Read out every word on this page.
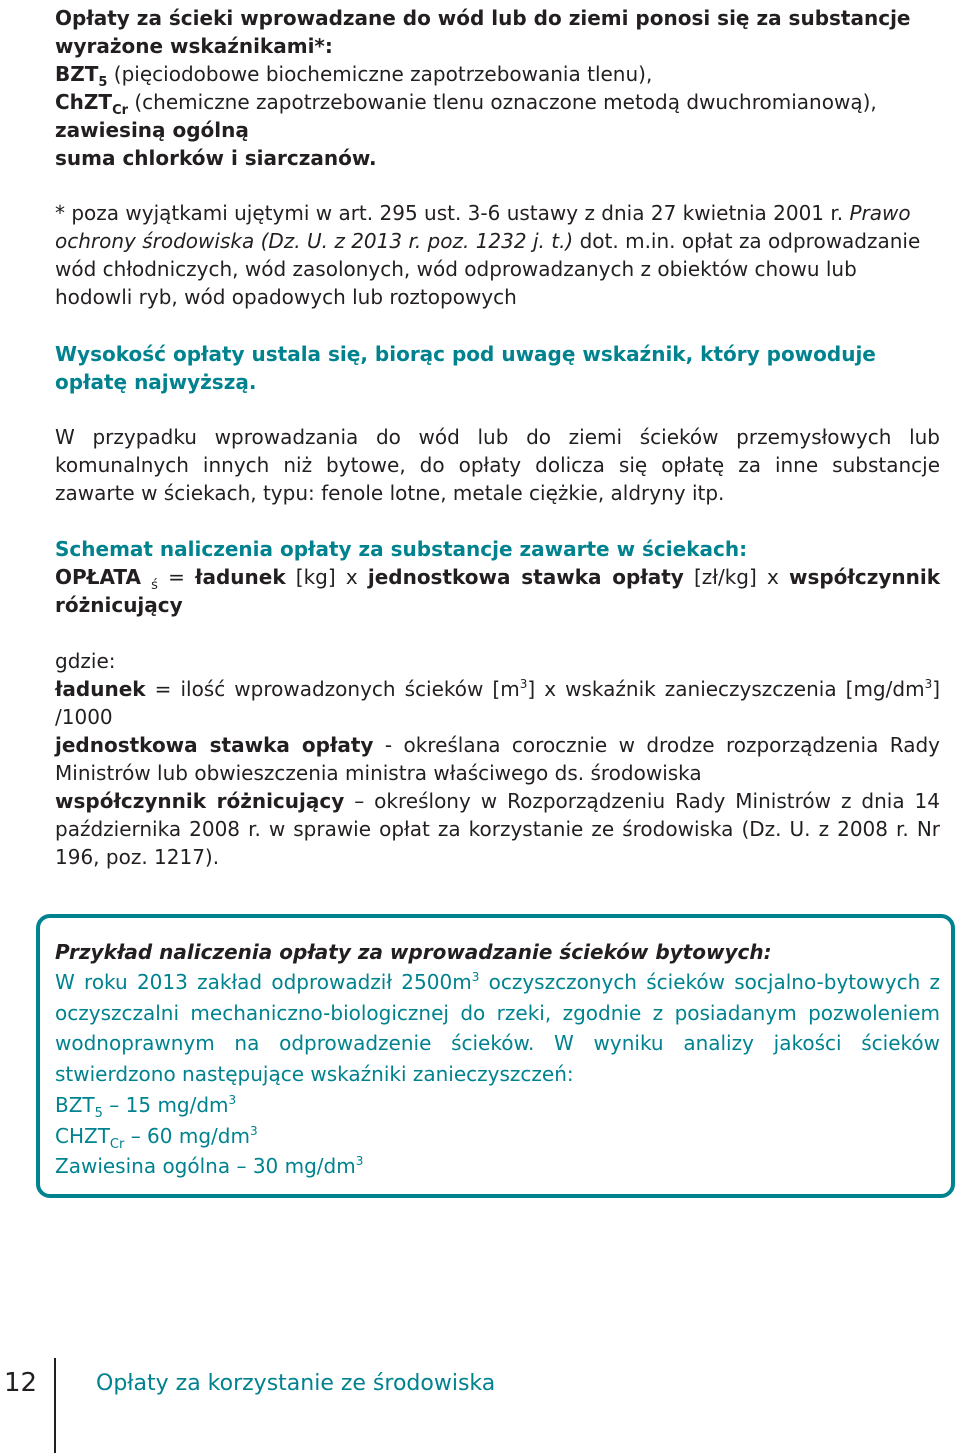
Opłaty za ścieki wprowadzane do wód lub do ziemi ponosi się za substancje wyrażone wskaźnikami*:
$BZT_5$ (pięciodobowe biochemiczne zapotrzebowania tlenu),
ChZT$_{Cr}$ (chemiczne zapotrzebowanie tlenu oznaczone metodą dwuchromianową),
zawiesiną ogólną
suma chlorków i siarczanów.

* poza wyjątkami ujętymi w art. 295 ust. 3-6 ustawy z dnia 27 kwietnia 2001 r. Prawo ochrony środowiska (Dz. U. z 2013 r. poz. 1232 j. t.) dot. m.in. opłat za odprowadzanie wód chłodniczych, wód zasolonych, wód odprowadzanych z obiektów chowu lub hodowli ryb, wód opadowych lub roztopowych

Wysokość opłaty ustala się, biorąc pod uwagę wskaźnik, który powoduje opłatę najwyższą.

W przypadku wprowadzania do wód lub do ziemi ścieków przemysłowych lub komunalnych innych niż bytowe, do opłaty dolicza się opłatę za inne substancje zawarte w ściekach, typu: fenole lotne, metale ciężkie, aldryny itp.

Schemat naliczenia opłaty za substancje zawarte w ściekach:

OPŁATA $_ś$ = ładunek [kg] x jednostkowa stawka opłaty [zł/kg] x współczynnik różnicujący

gdzie:

ładunek = ilość wprowadzonych ścieków $[m^3]$ x wskaźnik zanieczyszczenia $[mg/dm^3]$ /1000

jednostkowa stawka opłaty - określana corocznie w drodze rozporządzenia Rady Ministrów lub obwieszczenia ministra właściwego ds. środowiska

współczynnik różnicujący – określony w Rozporządzeniu Rady Ministrów z dnia 14 października 2008 r. w sprawie opłat za korzystanie ze środowiska (Dz. U. z 2008 r. Nr 196, poz. 1217).

Przykład naliczenia opłaty za wprowadzanie ścieków bytowych:

W roku 2013 zakład odprowadził $2500m^3$ oczyszczonych ścieków socjalno-bytowych z oczyszczalni mechaniczno-biologicznej do rzeki, zgodnie z posiadanym pozwoleniem wodnoprawnym na odprowadzenie ścieków. W wyniku analizy jakości ścieków stwierdzono następujące wskaźniki zanieczyszczeń:

$BZT_5 - 15$ $mg/dm^3$

$CHZT_{Cr} - 60$ $mg/dm^3$

Zawiesina ogólna – 30 $mg/dm^3$

12	Opłaty za korzystanie ze środowiska
